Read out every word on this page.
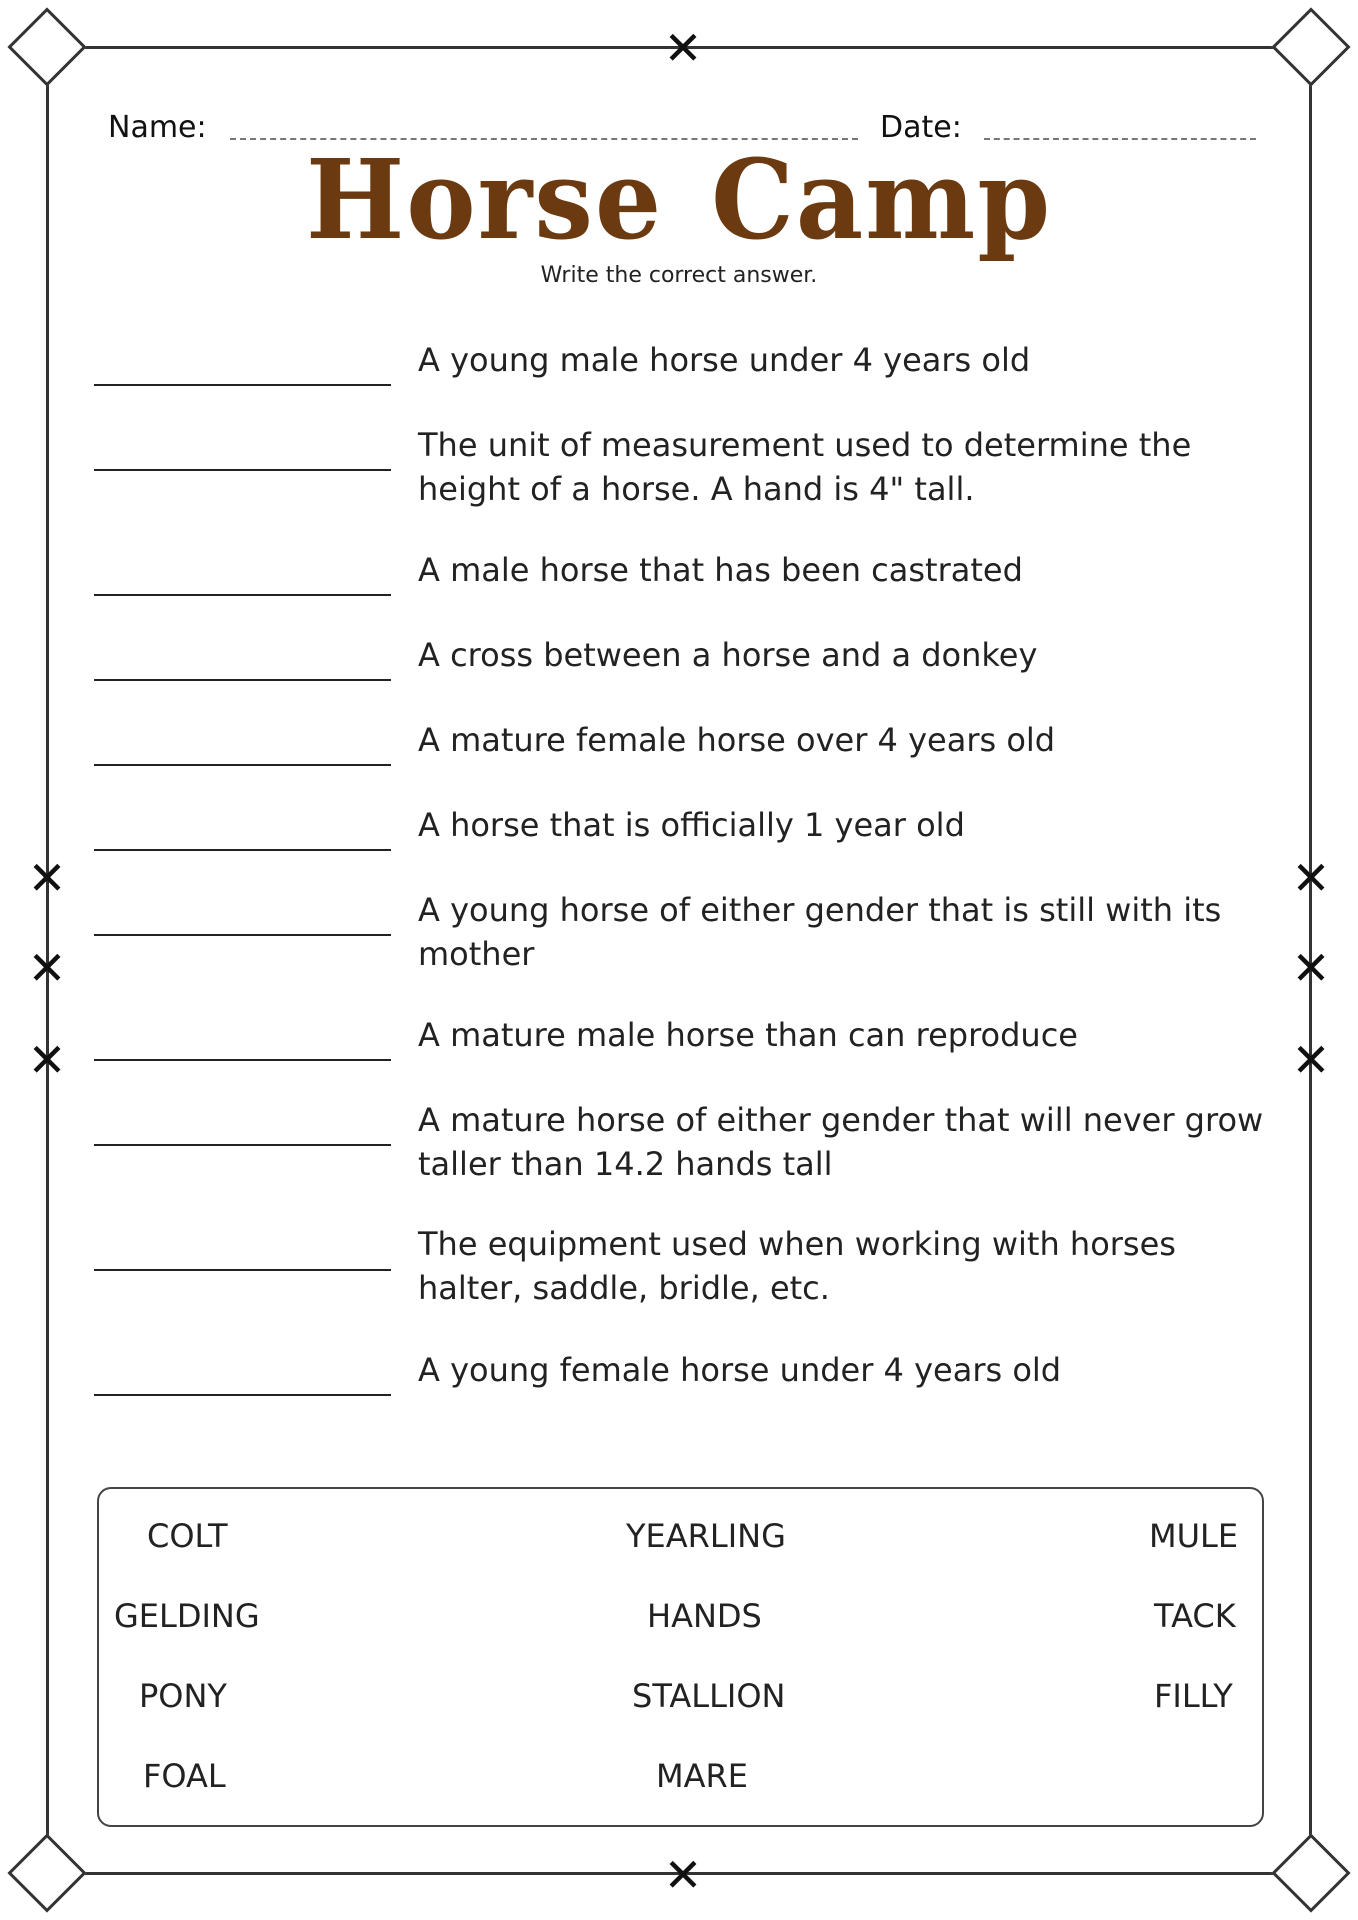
✕
✕
✕
✕
✕
✕
✕
✕
Name:	Date:
Horse Camp
Write the correct answer.
A young male horse under 4 years old
The unit of measurement used to determine the height of a horse. A hand is 4" tall.
A male horse that has been castrated
A cross between a horse and a donkey
A mature female horse over 4 years old
A horse that is officially 1 year old
A young horse of either gender that is still with its mother
A mature male horse than can reproduce
A mature horse of either gender that will never grow taller than 14.2 hands tall
The equipment used when working with horses halter, saddle, bridle, etc.
A young female horse under 4 years old
COLT
GELDING
PONY
FOAL
YEARLING
HANDS
STALLION
MARE
MULE
TACK
FILLY
